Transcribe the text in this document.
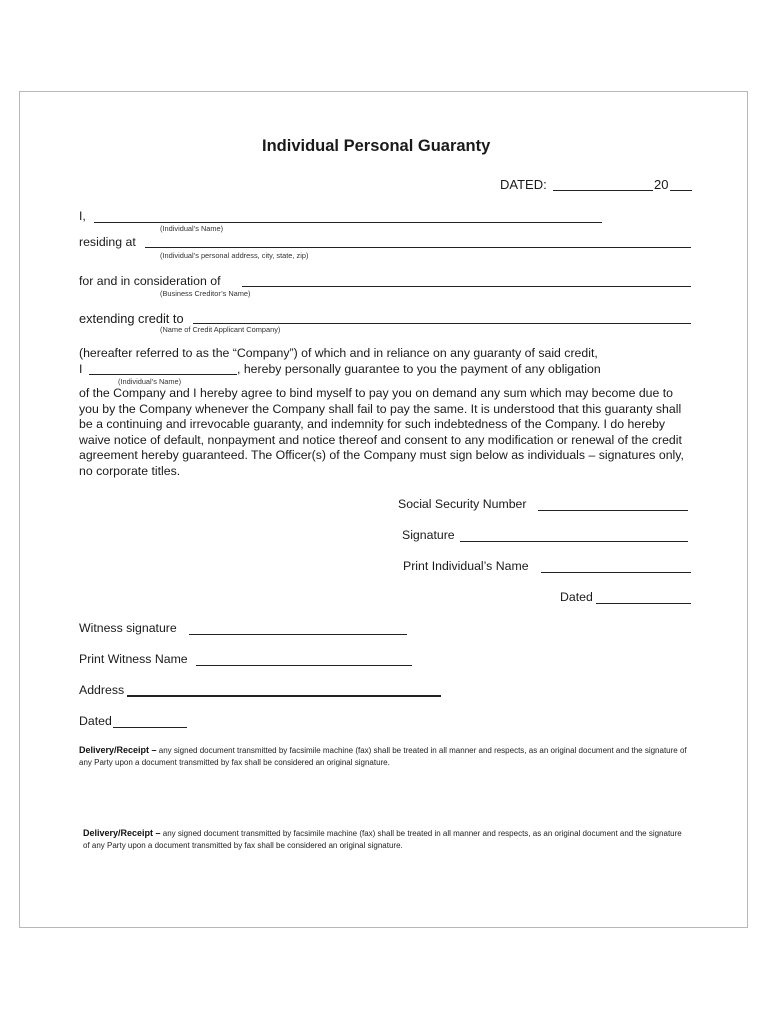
Individual Personal Guaranty
DATED:	20
I,
(Individual’s Name)
residing at
(Individual’s personal address, city, state, zip)
for and in consideration of
(Business Creditor’s Name)
extending credit to
(Name of Credit Applicant Company)
(hereafter referred to as the “Company”) of which and in reliance on any guaranty of said credit,
I	, hereby personally guarantee to you the payment of any obligation
(Individual’s Name)
of the Company and I hereby agree to bind myself to pay you on demand any sum which may become due to you by the Company whenever the Company shall fail to pay the same. It is understood that this guaranty shall be a continuing and irrevocable guaranty, and indemnity for such indebtedness of the Company. I do hereby waive notice of default, nonpayment and notice thereof and consent to any modification or renewal of the credit agreement hereby guaranteed. The Officer(s) of the Company must sign below as individuals – signatures only, no corporate titles.
Social Security Number
Signature
Print Individual’s Name
Dated
Witness signature
Print Witness Name
Address
Dated
Delivery/Receipt – any signed document transmitted by facsimile machine (fax) shall be treated in all manner and respects, as an original document and the signature of any Party upon a document transmitted by fax shall be considered an original signature.
Delivery/Receipt – any signed document transmitted by facsimile machine (fax) shall be treated in all manner and respects, as an original document and the signature of any Party upon a document transmitted by fax shall be considered an original signature.
